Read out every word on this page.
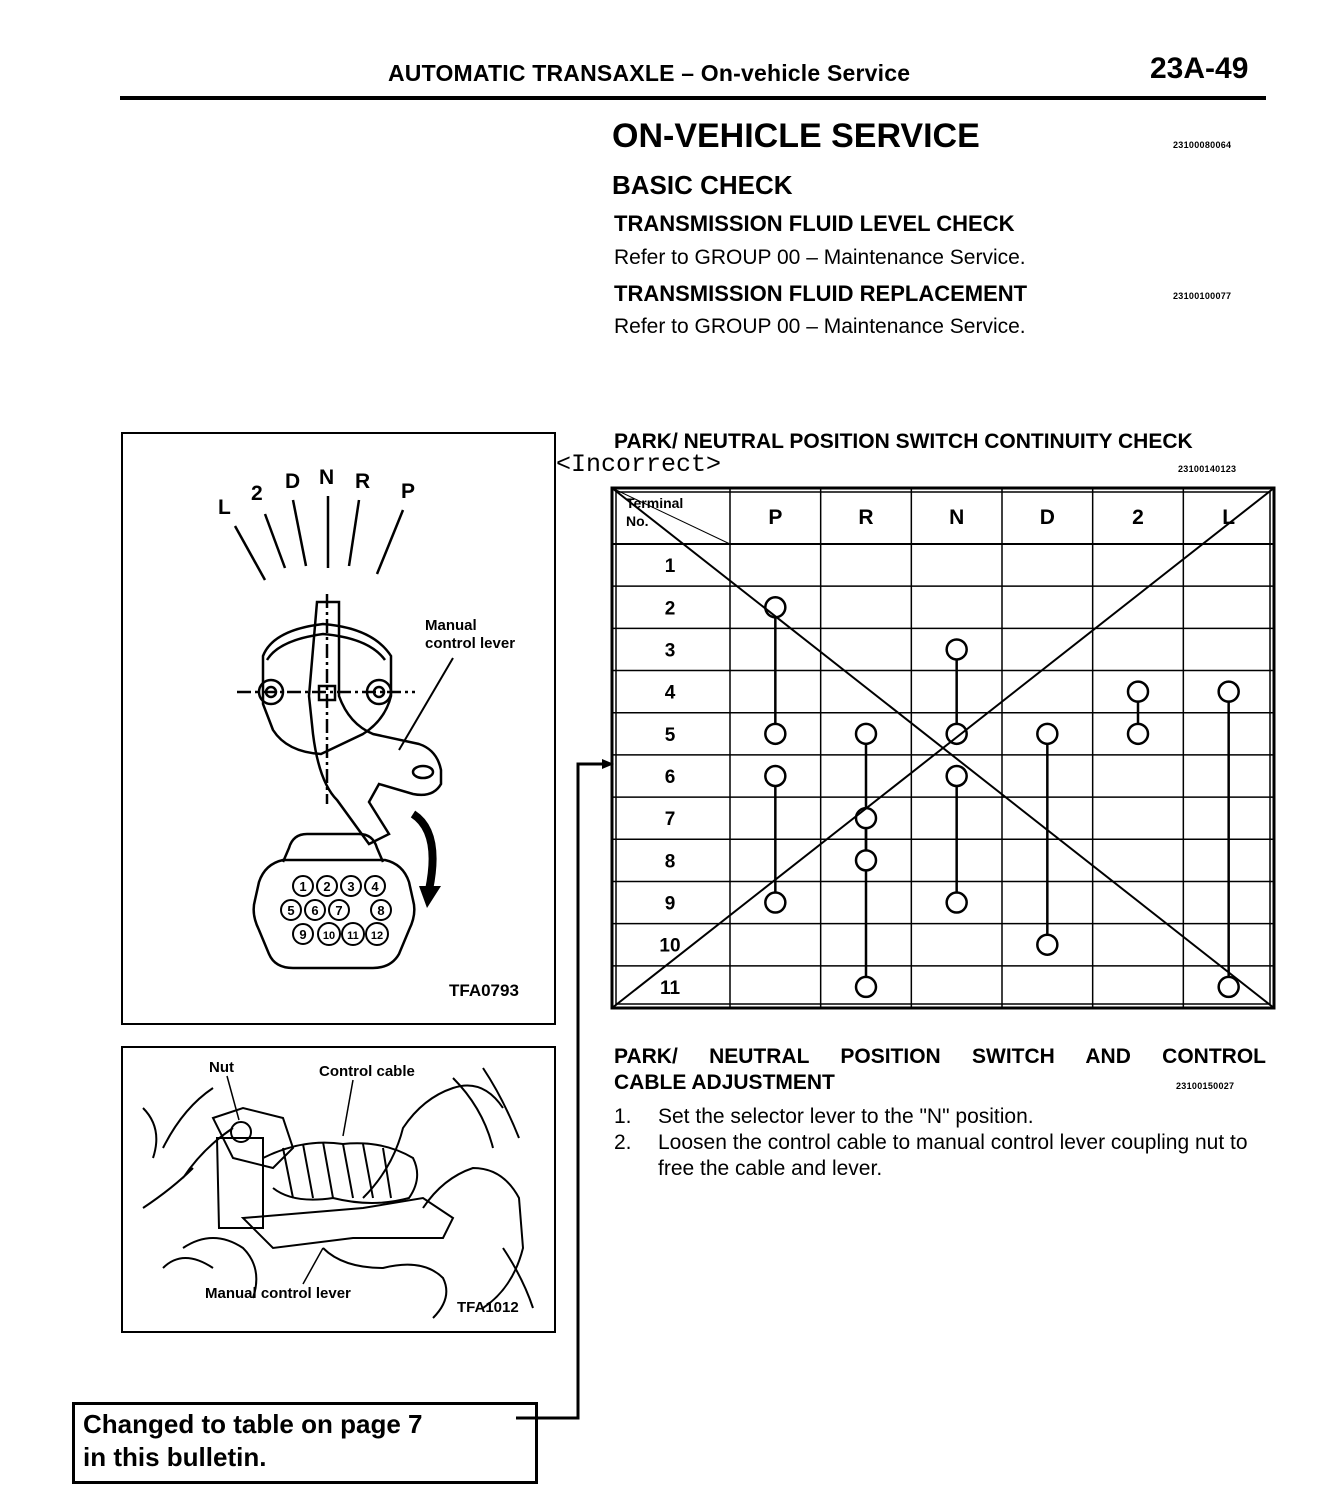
AUTOMATIC TRANSAXLE – On-vehicle Service	23A-49
ON-VEHICLE SERVICE	23100080064
BASIC CHECK
TRANSMISSION FLUID LEVEL CHECK
Refer to GROUP 00 – Maintenance Service.
TRANSMISSION FLUID REPLACEMENT	23100100077
Refer to GROUP 00 – Maintenance Service.
L
2
D N R P
Manual
control lever
1 2 3 4
5 6 7	8
9 10 11 12
TFA0793
Nut	Control cable
Manual control lever
TFA1012
PARK/ NEUTRAL POSITION SWITCH CONTINUITY CHECK
<Incorrect>	23100140123
Terminal
No.	P	R	N	D	2	L
1
2
3
4
5
6
7
8
9
10
11
PARK/ NEUTRAL POSITION SWITCH AND CONTROL
CABLE ADJUSTMENT	23100150027
1. Set the selector lever to the "N" position.
2. Loosen the control cable to manual control lever coupling nut to free the cable and lever.
Changed to table on page 7
in this bulletin.
